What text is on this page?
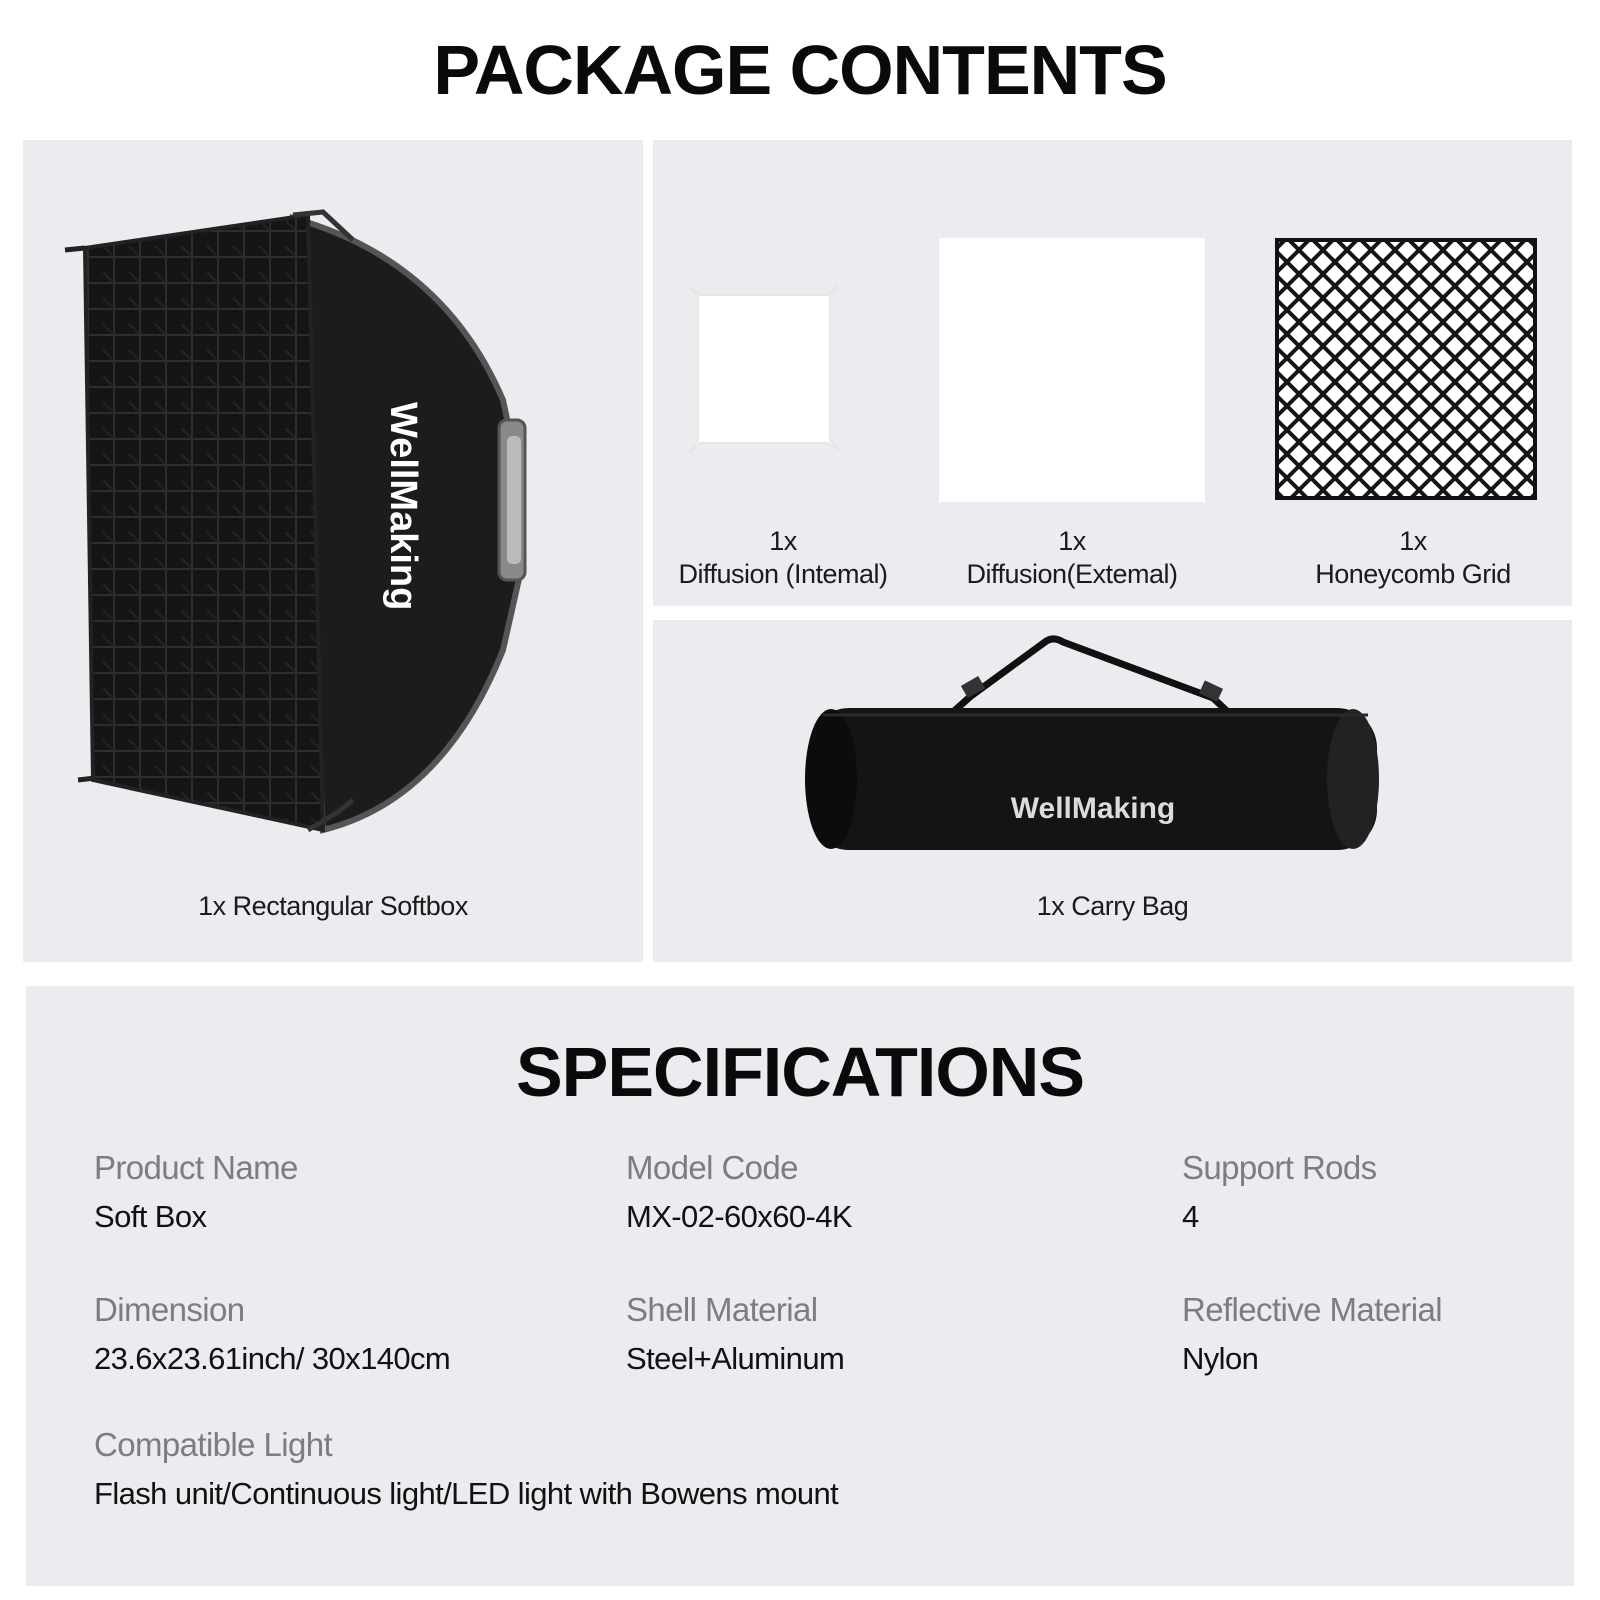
PACKAGE CONTENTS
WellMaking
1x Rectangular Softbox
1x
Diffusion (Intemal)
1x
Diffusion(Extemal)
1x
Honeycomb Grid
WellMaking
1x Carry Bag
SPECIFICATIONS
Product Name
Soft Box
Model Code
MX-02-60x60-4K
Support Rods
4
Dimension
23.6x23.61inch/ 30x140cm
Shell Material
Steel+Aluminum
Reflective Material
Nylon
Compatible Light
Flash unit/Continuous light/LED light with Bowens mount
